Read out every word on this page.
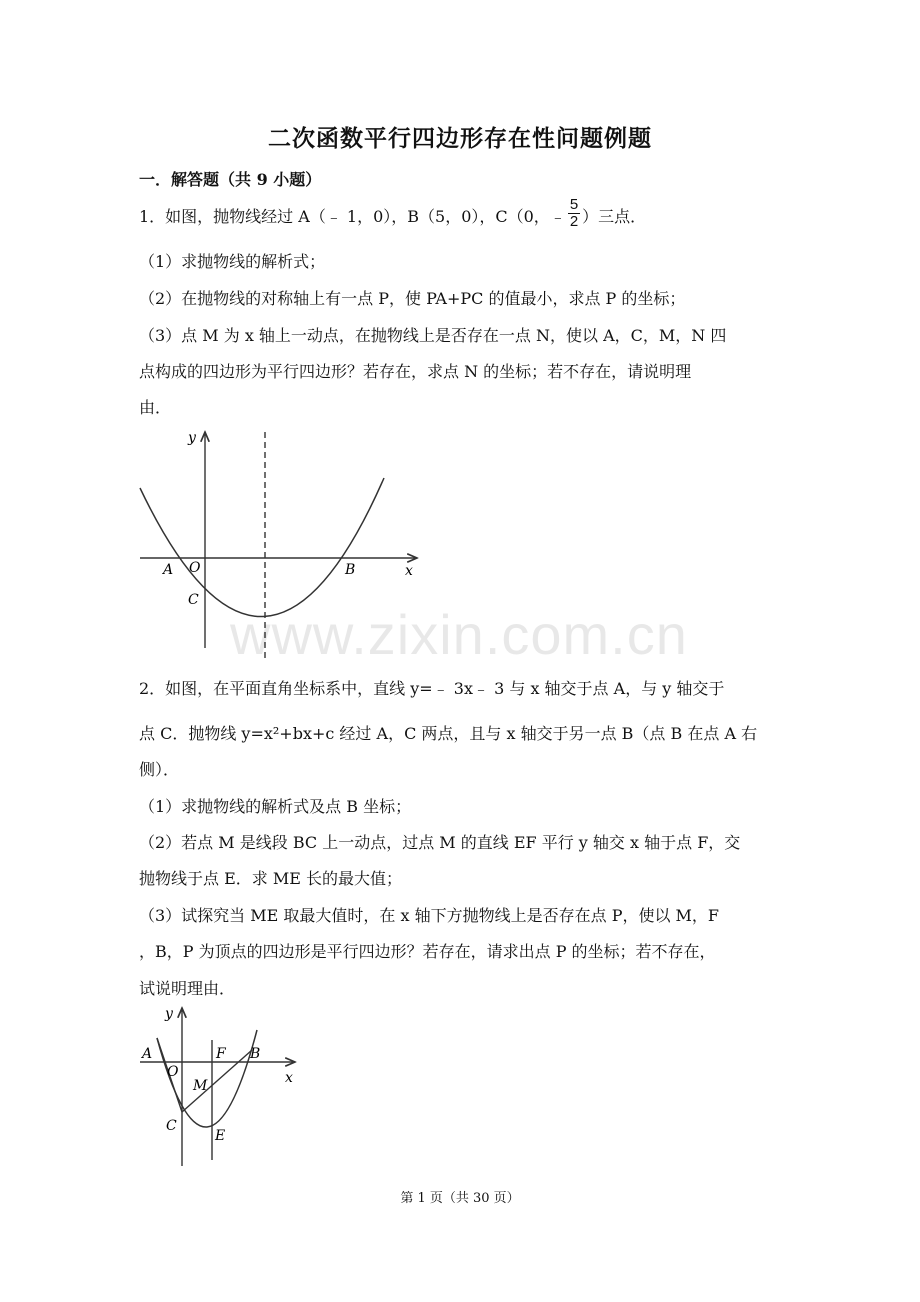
二次函数平行四边形存在性问题例题
一．解答题（共 9 小题）
1．如图，抛物线经过 A（﹣ 1，0），B（5，0），C（0，﹣ $\frac{5}{2}$ ）三点．
（1）求抛物线的解析式；
（2）在抛物线的对称轴上有一点 P，使 PA+PC 的值最小，求点 P 的坐标；
（3）点 M 为 x 轴上一动点，在抛物线上是否存在一点 N，使以 A，C，M，N 四
点构成的四边形为平行四边形？若存在，求点 N 的坐标；若不存在，请说明理
由．
y
x
A O	B
C
www.zixin.com.cn
2．如图，在平面直角坐标系中，直线 y=﹣ 3x﹣ 3 与 x 轴交于点 A，与 y 轴交于
点 C．抛物线 y=x²+bx+c 经过 A，C 两点，且与 x 轴交于另一点 B（点 B 在点 A 右
侧）．
（1）求抛物线的解析式及点 B 坐标；
（2）若点 M 是线段 BC 上一动点，过点 M 的直线 EF 平行 y 轴交 x 轴于点 F，交
抛物线于点 E．求 ME 长的最大值；
（3）试探究当 ME 取最大值时，在 x 轴下方抛物线上是否存在点 P，使以 M，F
，B，P 为顶点的四边形是平行四边形？若存在，请求出点 P 的坐标；若不存在，
试说明理由．
y
x
A
O
F B
M
C
E
第 1 页（共 30 页）
